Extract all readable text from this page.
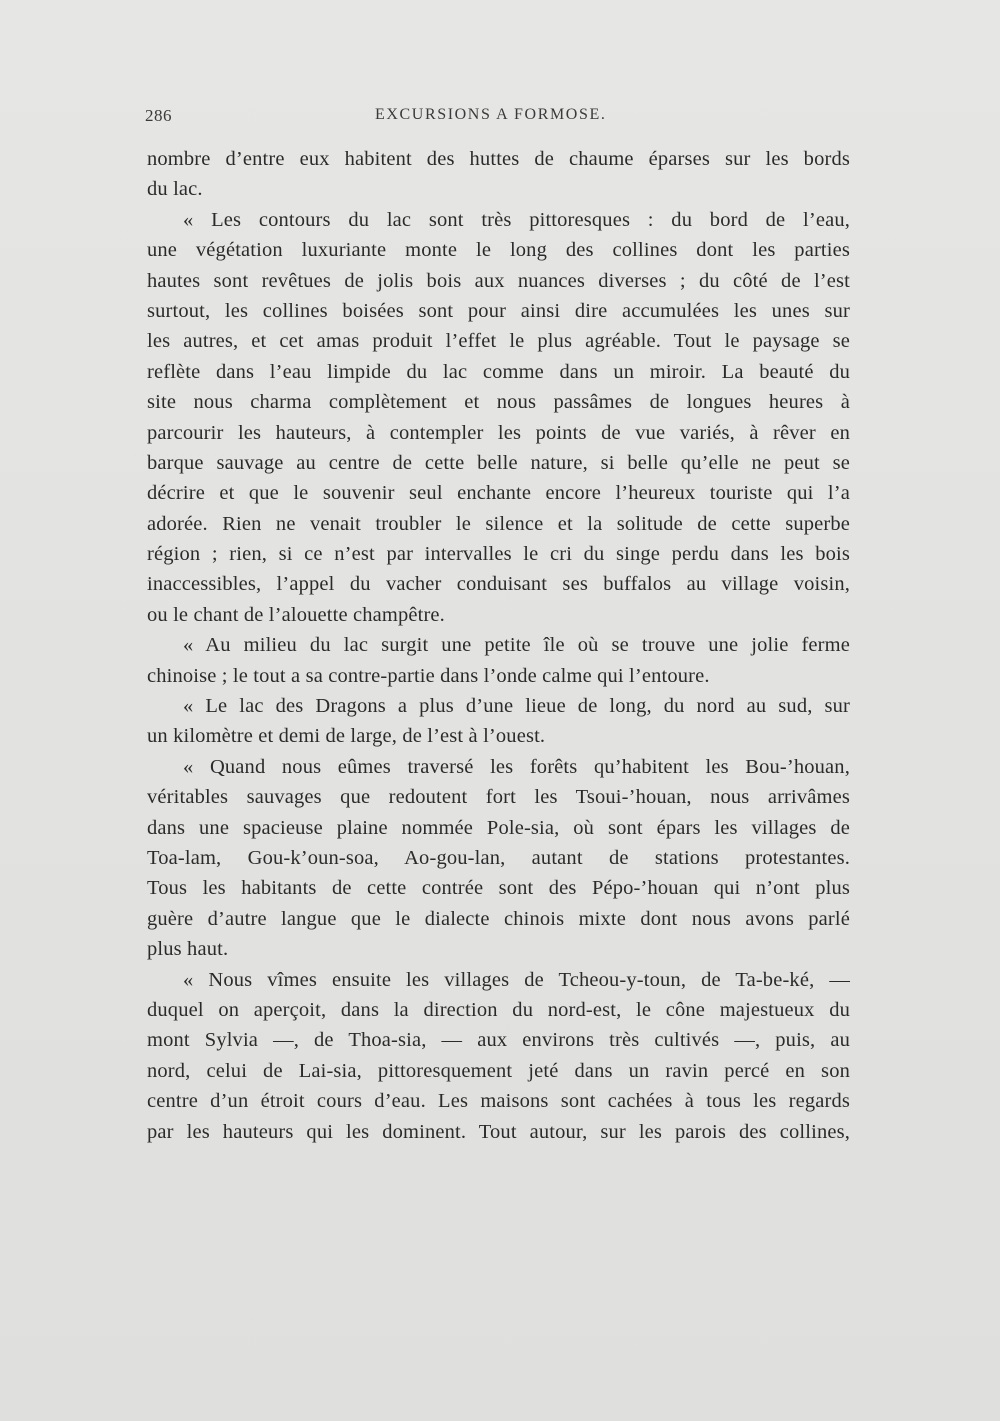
286	EXCURSIONS A FORMOSE.
nombre d’entre eux habitent des huttes de chaume éparses sur les bords
du lac.
« Les contours du lac sont très pittoresques : du bord de l’eau,
une végétation luxuriante monte le long des collines dont les parties
hautes sont revêtues de jolis bois aux nuances diverses ; du côté de l’est
surtout, les collines boisées sont pour ainsi dire accumulées les unes sur
les autres, et cet amas produit l’effet le plus agréable. Tout le paysage se
reflète dans l’eau limpide du lac comme dans un miroir. La beauté du
site nous charma complètement et nous passâmes de longues heures à
parcourir les hauteurs, à contempler les points de vue variés, à rêver en
barque sauvage au centre de cette belle nature, si belle qu’elle ne peut se
décrire et que le souvenir seul enchante encore l’heureux touriste qui l’a
adorée. Rien ne venait troubler le silence et la solitude de cette superbe
région ; rien, si ce n’est par intervalles le cri du singe perdu dans les bois
inaccessibles, l’appel du vacher conduisant ses buffalos au village voisin,
ou le chant de l’alouette champêtre.
« Au milieu du lac surgit une petite île où se trouve une jolie ferme
chinoise ; le tout a sa contre-partie dans l’onde calme qui l’entoure.
« Le lac des Dragons a plus d’une lieue de long, du nord au sud, sur
un kilomètre et demi de large, de l’est à l’ouest.
« Quand nous eûmes traversé les forêts qu’habitent les Bou-’houan,
véritables sauvages que redoutent fort les Tsoui-’houan, nous arrivâmes
dans une spacieuse plaine nommée Pole-sia, où sont épars les villages de
Toa-lam, Gou-k’oun-soa, Ao-gou-lan, autant de stations protestantes.
Tous les habitants de cette contrée sont des Pépo-’houan qui n’ont plus
guère d’autre langue que le dialecte chinois mixte dont nous avons parlé
plus haut.
« Nous vîmes ensuite les villages de Tcheou-y-toun, de Ta-be-ké, —
duquel on aperçoit, dans la direction du nord-est, le cône majestueux du
mont Sylvia —, de Thoa-sia, — aux environs très cultivés —, puis, au
nord, celui de Lai-sia, pittoresquement jeté dans un ravin percé en son
centre d’un étroit cours d’eau. Les maisons sont cachées à tous les regards
par les hauteurs qui les dominent. Tout autour, sur les parois des collines,
